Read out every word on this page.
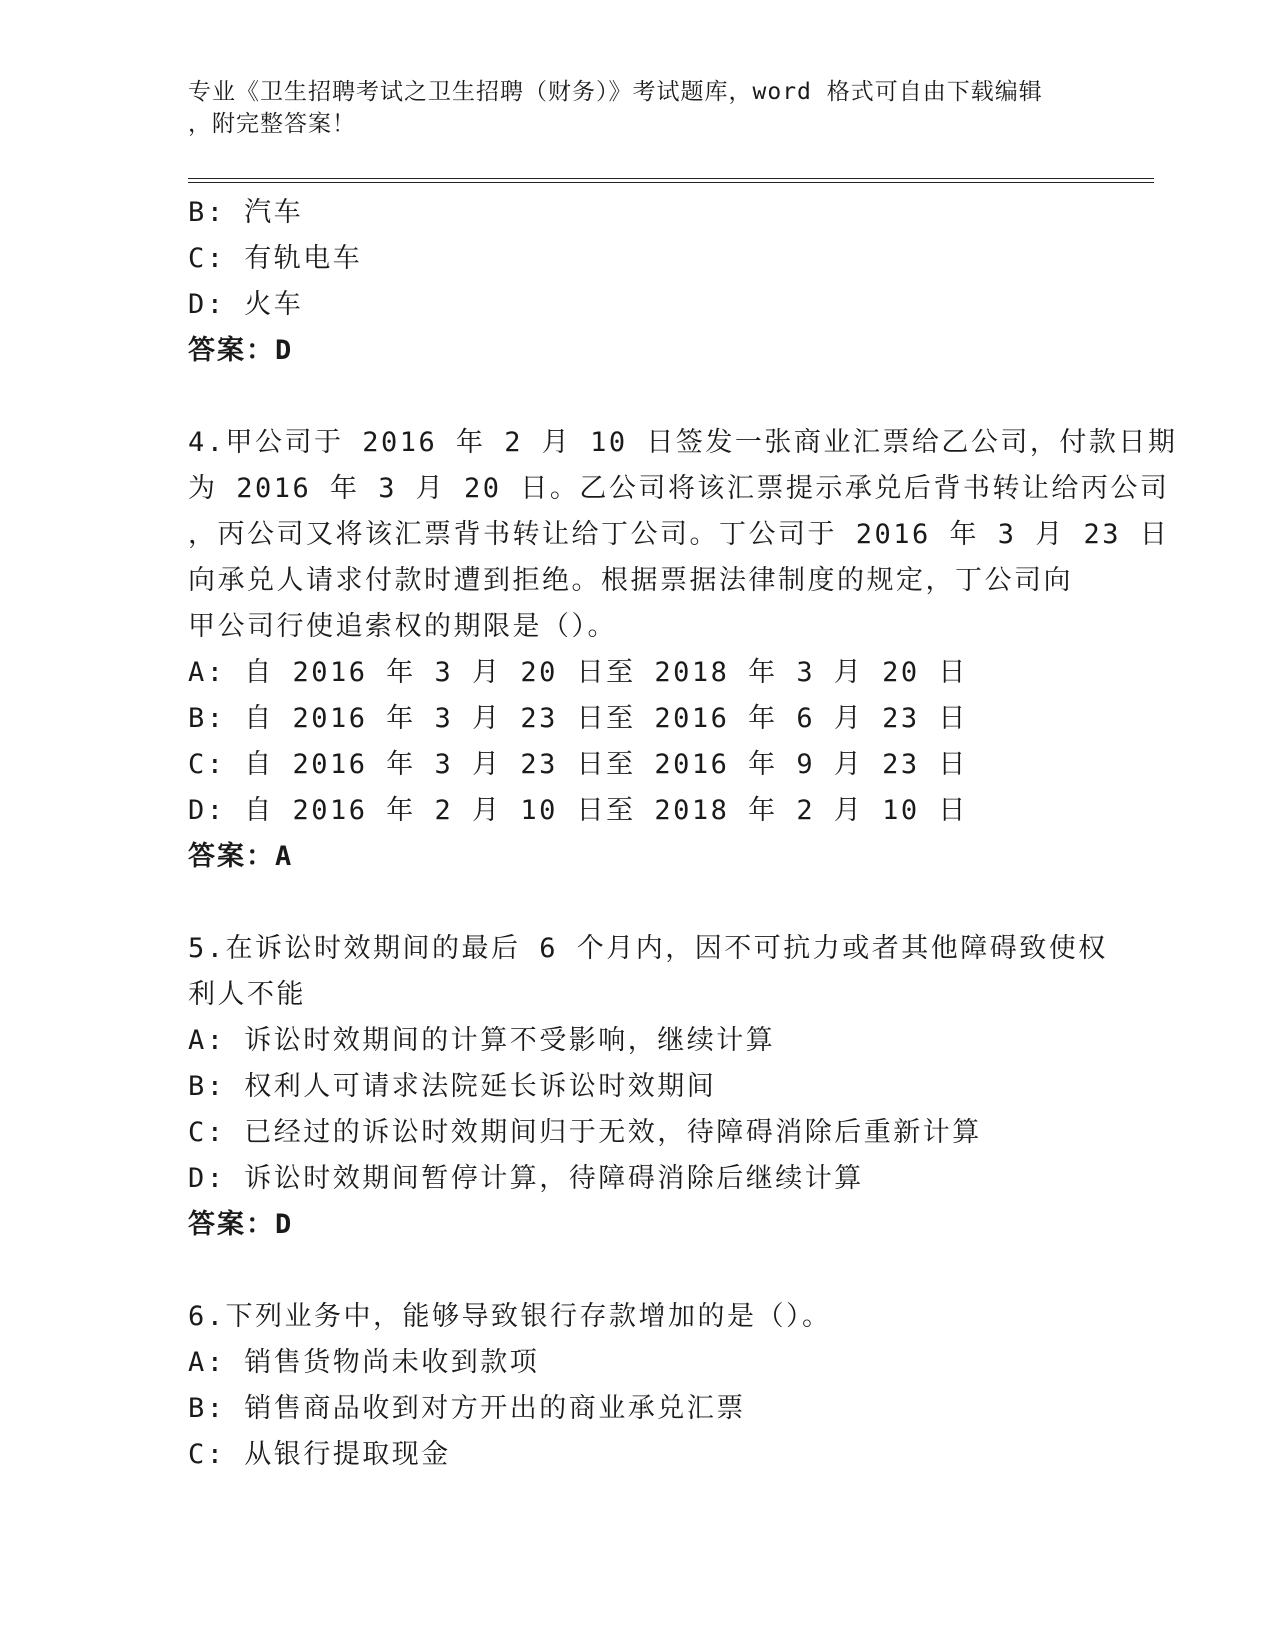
专业《卫生招聘考试之卫生招聘（财务）》考试题库，word 格式可自由下载编辑
，附完整答案！
B: 汽车
C: 有轨电车
D: 火车
答案：D
4.甲公司于 2016 年 2 月 10 日签发一张商业汇票给乙公司，付款日期
为 2016 年 3 月 20 日。乙公司将该汇票提示承兑后背书转让给丙公司
，丙公司又将该汇票背书转让给丁公司。丁公司于 2016 年 3 月 23 日
向承兑人请求付款时遭到拒绝。根据票据法律制度的规定，丁公司向
甲公司行使追索权的期限是（）。
A: 自 2016 年 3 月 20 日至 2018 年 3 月 20 日
B: 自 2016 年 3 月 23 日至 2016 年 6 月 23 日
C: 自 2016 年 3 月 23 日至 2016 年 9 月 23 日
D: 自 2016 年 2 月 10 日至 2018 年 2 月 10 日
答案：A
5.在诉讼时效期间的最后 6 个月内，因不可抗力或者其他障碍致使权
利人不能
A: 诉讼时效期间的计算不受影响，继续计算
B: 权利人可请求法院延长诉讼时效期间
C: 已经过的诉讼时效期间归于无效，待障碍消除后重新计算
D: 诉讼时效期间暂停计算，待障碍消除后继续计算
答案：D
6.下列业务中，能够导致银行存款增加的是（）。
A: 销售货物尚未收到款项
B: 销售商品收到对方开出的商业承兑汇票
C: 从银行提取现金
